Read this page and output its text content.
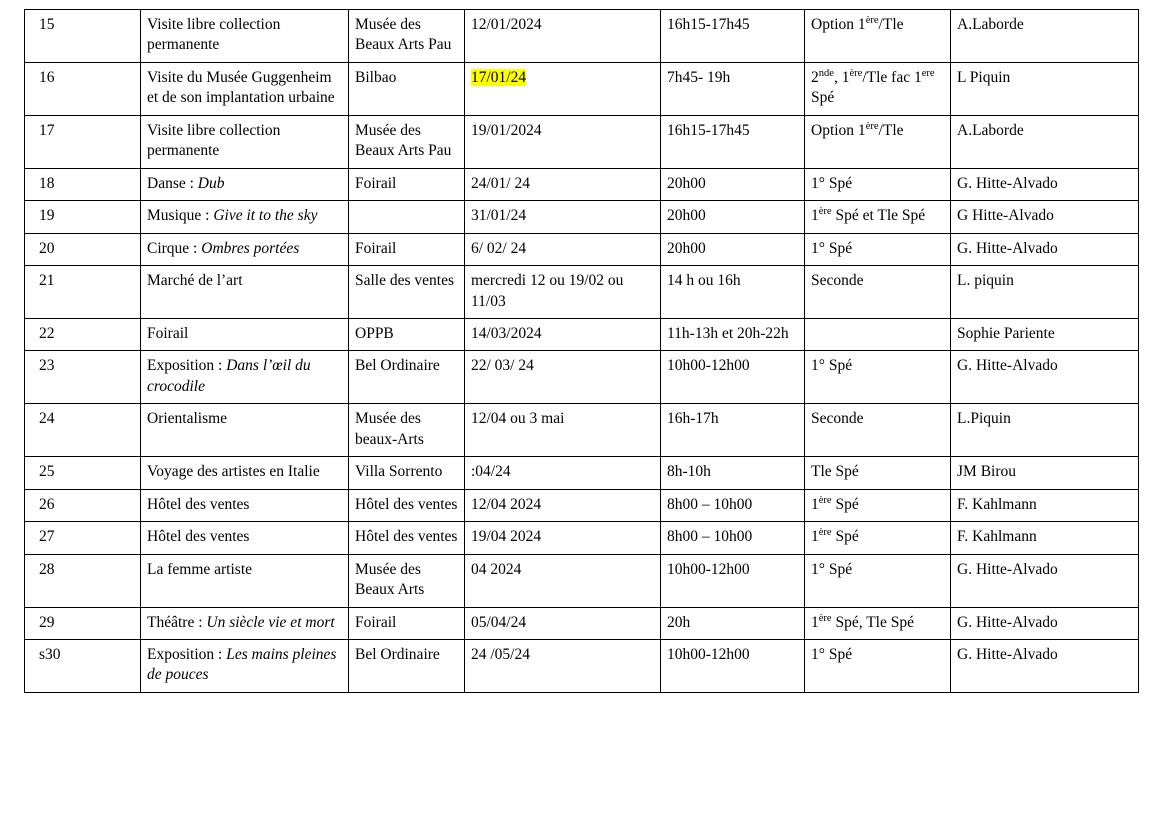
15	Visite libre collection permanente	Musée des Beaux Arts Pau	12/01/2024	16h15-17h45	Option 1ère/Tle	A.Laborde

16	Visite du Musée Guggenheim et de son implantation urbaine	Bilbao	17/01/24	7h45- 19h	2nde, 1ère/Tle fac 1ere Spé	L Piquin

17	Visite libre collection permanente	Musée des Beaux Arts Pau	19/01/2024	16h15-17h45	Option 1ère/Tle	A.Laborde

18	Danse : Dub	Foirail	24/01/ 24	20h00	1° Spé	G. Hitte-Alvado

19	Musique : Give it to the sky		31/01/24	20h00	1ère Spé et Tle Spé	G Hitte-Alvado

20	Cirque : Ombres portées	Foirail	6/ 02/ 24	20h00	1° Spé	G. Hitte-Alvado

21	Marché de l’art	Salle des ventes	mercredi 12 ou 19/02 ou 11/03	14 h ou 16h	Seconde	L. piquin

22	Foirail	OPPB	14/03/2024	11h-13h et 20h-22h		Sophie Pariente

23	Exposition : Dans l’œil du crocodile	Bel Ordinaire	22/ 03/ 24	10h00-12h00	1° Spé	G. Hitte-Alvado

24	Orientalisme	Musée des beaux-Arts	12/04 ou 3 mai	16h-17h	Seconde	L.Piquin

25	Voyage des artistes en Italie	Villa Sorrento	:04/24	8h-10h	Tle Spé	JM Birou

26	Hôtel des ventes	Hôtel des ventes	12/04 2024	8h00 – 10h00	1ère Spé	F. Kahlmann

27	Hôtel des ventes	Hôtel des ventes	19/04 2024	8h00 – 10h00	1ère Spé	F. Kahlmann

28	La femme artiste	Musée des Beaux Arts	04 2024	10h00-12h00	1° Spé	G. Hitte-Alvado

29	Théâtre : Un siècle vie et mort	Foirail	05/04/24	20h	1ère Spé, Tle Spé	G. Hitte-Alvado

s30	Exposition : Les mains pleines de pouces	Bel Ordinaire	24 /05/24	10h00-12h00	1° Spé	G. Hitte-Alvado
